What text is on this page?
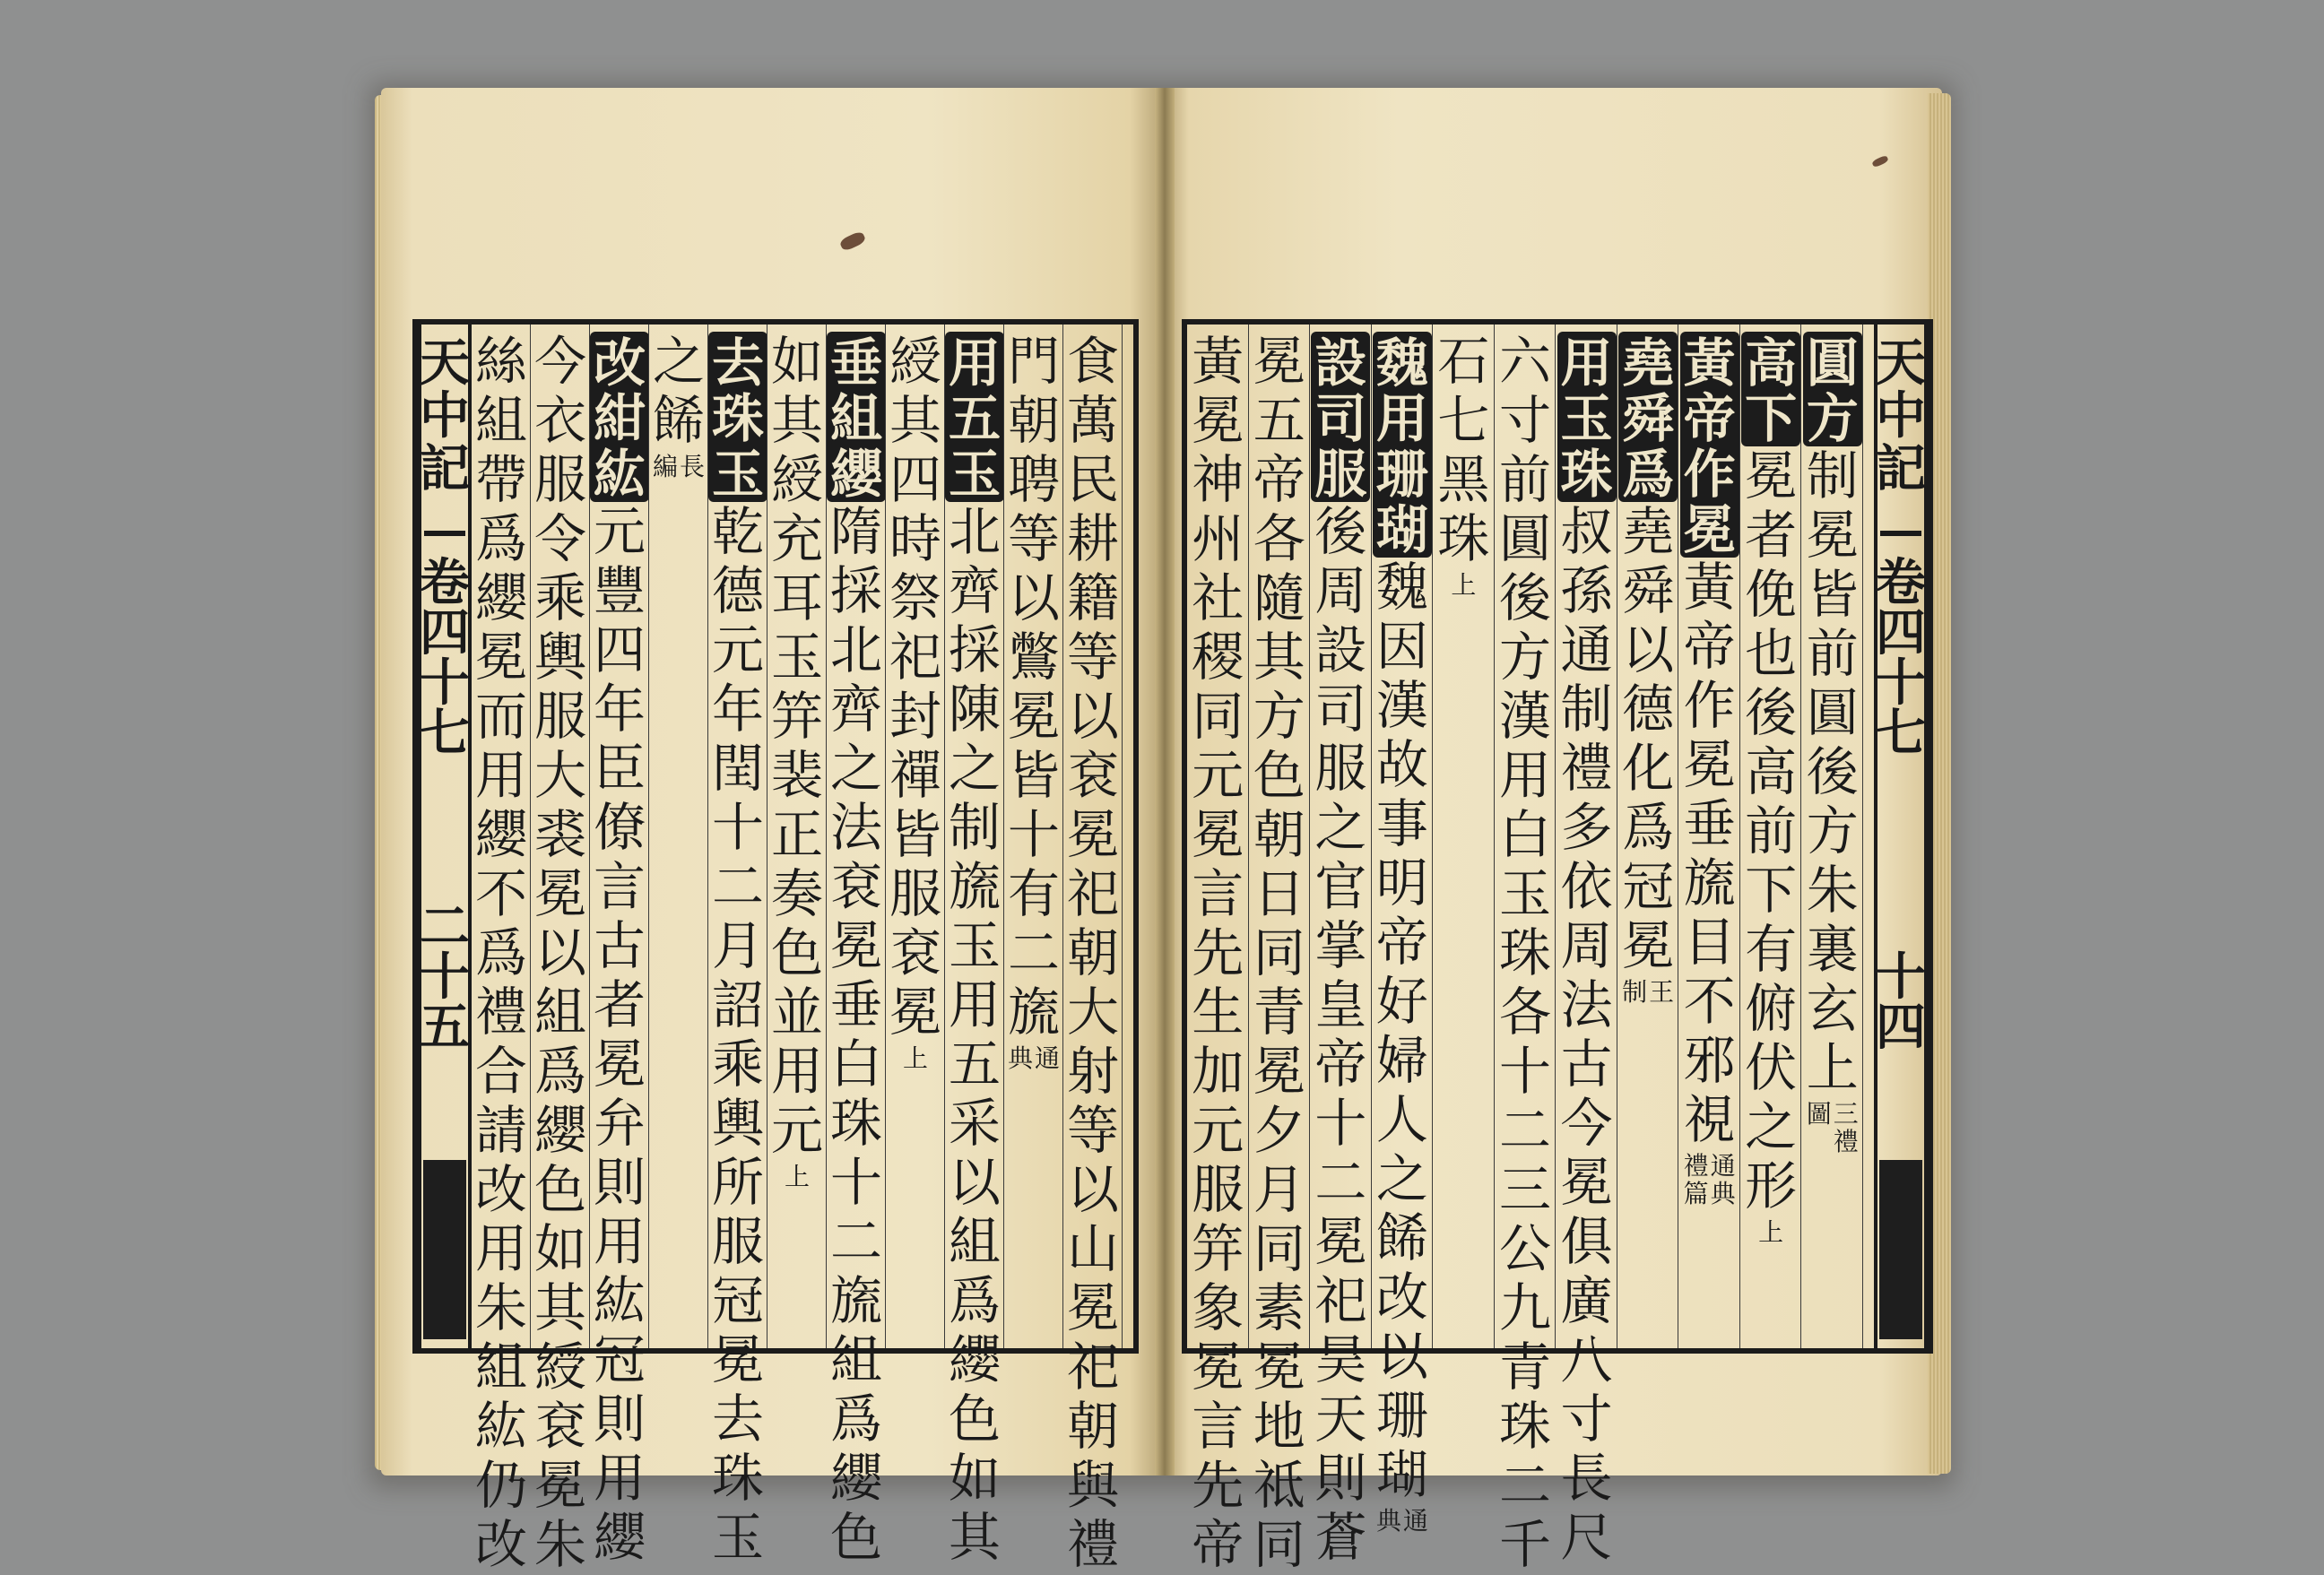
天
中
記
卷
四
十
七
二
十
五
食
萬
民
耕
籍
等
以
袞
冕
祀
朝
大
射
等
以
山
冕
祀
朝
與
禮
門
朝
聘
等
以
鷩
冕
皆
十
有
二
旒
通
典
用
五
玉
北
齊
採
陳
之
制
旒
玉
用
五
采
以
組
爲
纓
色
如
其
綬
其
四
時
祭
祀
封
禪
皆
服
袞
冕
上
垂
組
纓
隋
採
北
齊
之
法
袞
冕
垂
白
珠
十
二
旒
組
爲
纓
色
如
其
綬
充
耳
玉
笄
裴
正
奏
色
並
用
元
上
去
珠
玉
乾
德
元
年
閏
十
二
月
詔
乘
輿
所
服
冠
冕
去
珠
玉
之
餙
長
編
改
紺
紘
元
豐
四
年
臣
僚
言
古
者
冕
弁
則
用
紘
冠
則
用
纓
今
衣
服
令
乘
輿
服
大
裘
冕
以
組
爲
纓
色
如
其
綬
袞
冕
朱
絲
組
帶
爲
纓
冕
而
用
纓
不
爲
禮
合
請
改
用
朱
組
紘
仍
改
天
中
記
卷
四
十
七
十
四
圓
方
制
冕
皆
前
圓
後
方
朱
裏
玄
上
三
禮
圖
高
下
冕
者
俛
也
後
高
前
下
有
俯
伏
之
形
上
黃
帝
作
冕
黃
帝
作
冕
垂
旒
目
不
邪
視
通
典
禮
篇
堯
舜
爲
堯
舜
以
德
化
爲
冠
冕
王
制
用
玉
珠
叔
孫
通
制
禮
多
依
周
法
古
今
冕
俱
廣
八
寸
長
尺
六
寸
前
圓
後
方
漢
用
白
玉
珠
各
十
二
三
公
九
青
珠
二
千
石
七
黑
珠
上
魏
用
珊
瑚
魏
因
漢
故
事
明
帝
好
婦
人
之
餙
改
以
珊
瑚
通
典
設
司
服
後
周
設
司
服
之
官
掌
皇
帝
十
二
冕
祀
昊
天
則
蒼
冕
五
帝
各
隨
其
方
色
朝
日
同
青
冕
夕
月
同
素
冕
地
祗
同
黃
冕
神
州
社
稷
同
元
冕
言
先
生
加
元
服
笄
象
冕
言
先
帝
